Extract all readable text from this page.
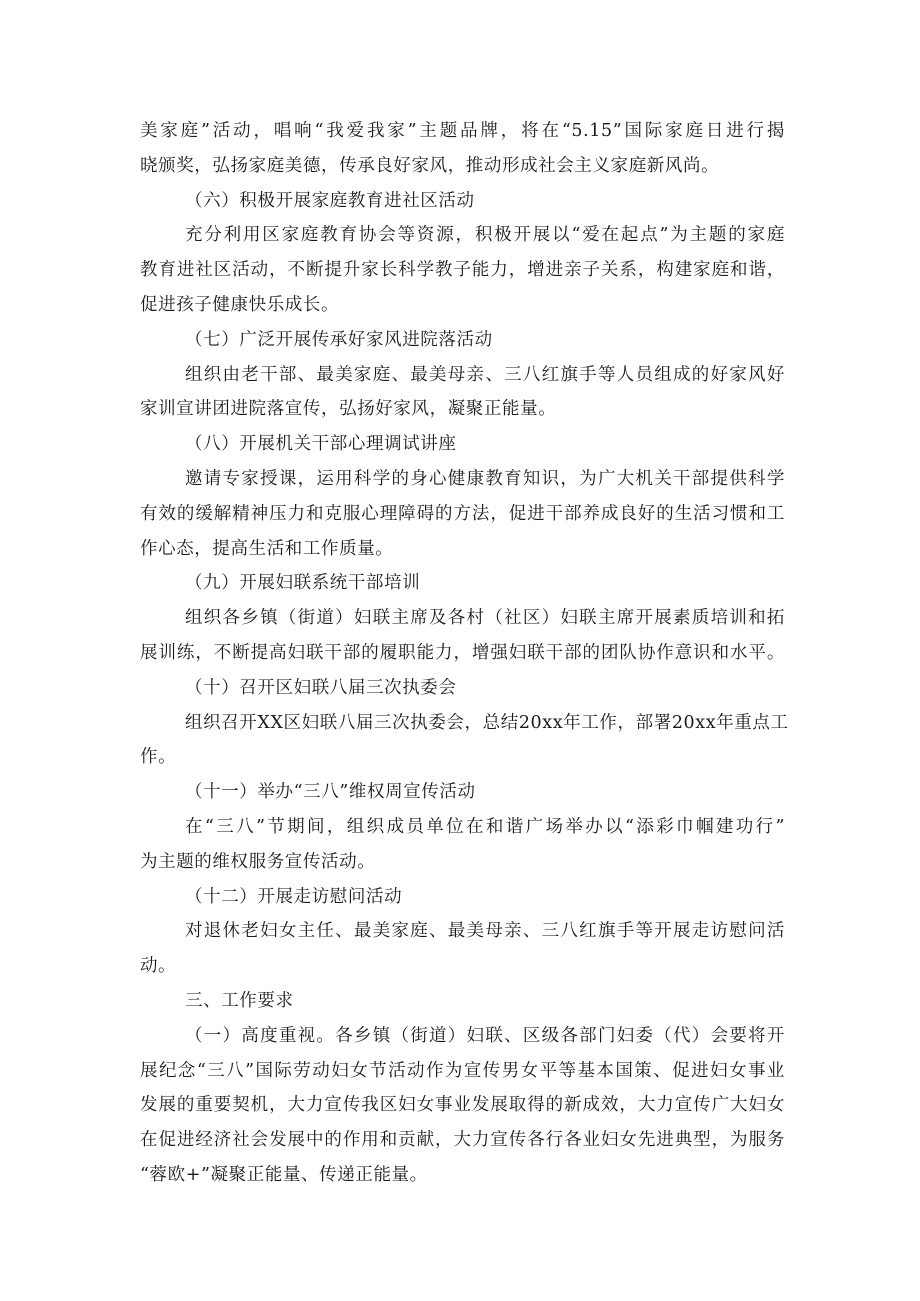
美家庭”活动，唱响“我爱我家”主题品牌，将在“5.15”国际家庭日进行揭
晓颁奖，弘扬家庭美德，传承良好家风，推动形成社会主义家庭新风尚。
（六）积极开展家庭教育进社区活动
充分利用区家庭教育协会等资源，积极开展以“爱在起点”为主题的家庭
教育进社区活动，不断提升家长科学教子能力，增进亲子关系，构建家庭和谐，
促进孩子健康快乐成长。
（七）广泛开展传承好家风进院落活动
组织由老干部、最美家庭、最美母亲、三八红旗手等人员组成的好家风好
家训宣讲团进院落宣传，弘扬好家风，凝聚正能量。
（八）开展机关干部心理调试讲座
邀请专家授课，运用科学的身心健康教育知识，为广大机关干部提供科学
有效的缓解精神压力和克服心理障碍的方法，促进干部养成良好的生活习惯和工
作心态，提高生活和工作质量。
（九）开展妇联系统干部培训
组织各乡镇（街道）妇联主席及各村（社区）妇联主席开展素质培训和拓
展训练，不断提高妇联干部的履职能力，增强妇联干部的团队协作意识和水平。
（十）召开区妇联八届三次执委会
组织召开XX区妇联八届三次执委会，总结20xx年工作，部署20xx年重点工
作。
（十一）举办“三八”维权周宣传活动
在“三八”节期间，组织成员单位在和谐广场举办以“添彩巾帼建功行”
为主题的维权服务宣传活动。
（十二）开展走访慰问活动
对退休老妇女主任、最美家庭、最美母亲、三八红旗手等开展走访慰问活
动。
三、工作要求
（一）高度重视。各乡镇（街道）妇联、区级各部门妇委（代）会要将开
展纪念“三八”国际劳动妇女节活动作为宣传男女平等基本国策、促进妇女事业
发展的重要契机，大力宣传我区妇女事业发展取得的新成效，大力宣传广大妇女
在促进经济社会发展中的作用和贡献，大力宣传各行各业妇女先进典型，为服务
“蓉欧+”凝聚正能量、传递正能量。
